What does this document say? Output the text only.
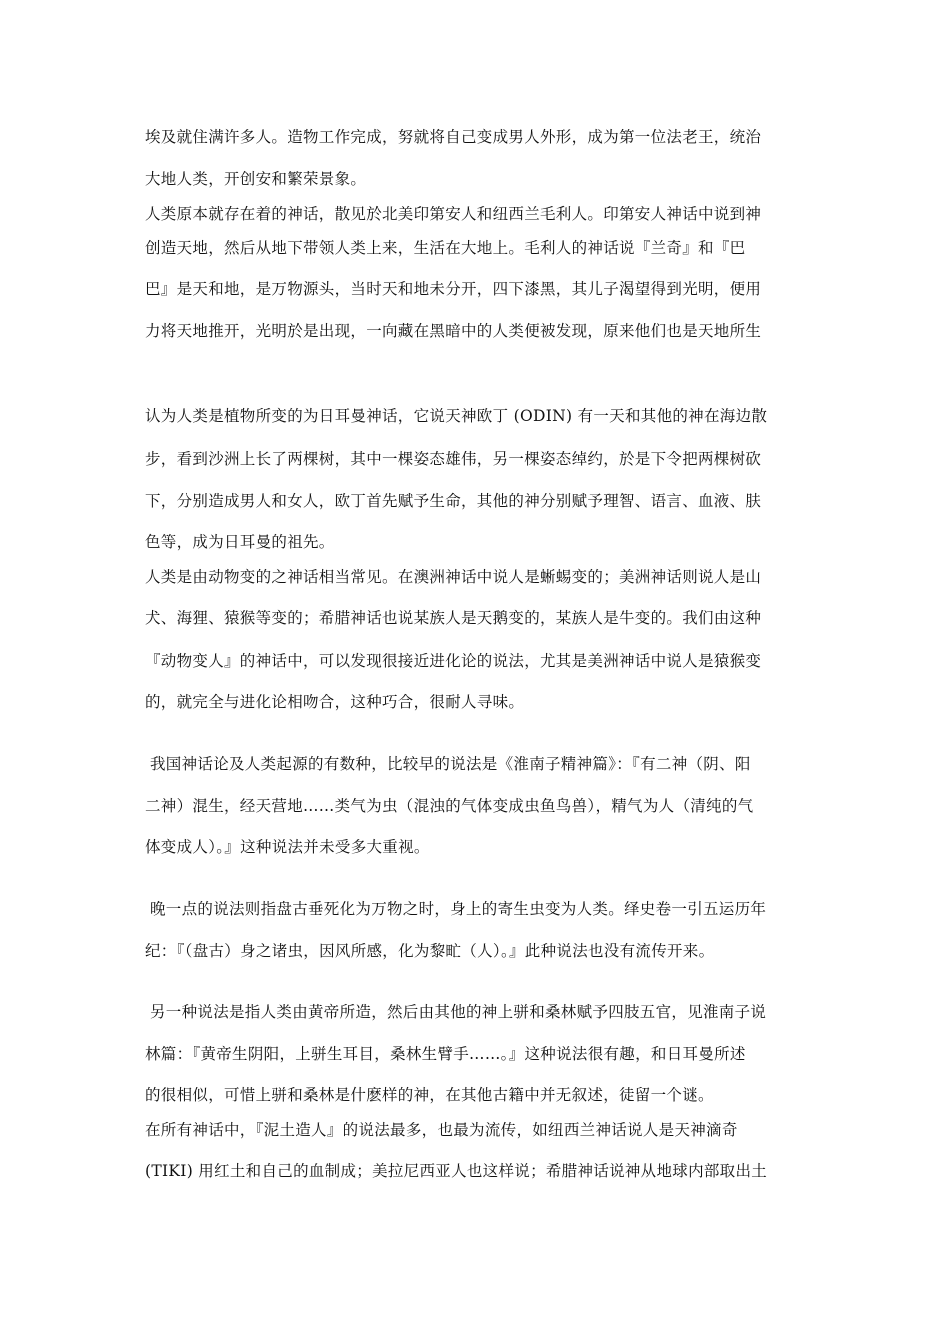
埃及就住满许多人。造物工作完成，努就将自己变成男人外形，成为第一位法老王，统治
大地人类，开创安和繁荣景象。
人类原本就存在着的神话，散见於北美印第安人和纽西兰毛利人。印第安人神话中说到神
创造天地，然后从地下带领人类上来，生活在大地上。毛利人的神话说『兰奇』和『巴
巴』是天和地，是万物源头，当时天和地未分开，四下漆黑，其儿子渴望得到光明，便用
力将天地推开，光明於是出现，一向藏在黑暗中的人类便被发现，原来他们也是天地所生
认为人类是植物所变的为日耳曼神话，它说天神欧丁 (ODIN) 有一天和其他的神在海边散
步，看到沙洲上长了两棵树，其中一棵姿态雄伟，另一棵姿态绰约，於是下令把两棵树砍
下，分别造成男人和女人，欧丁首先赋予生命，其他的神分别赋予理智、语言、血液、肤
色等，成为日耳曼的祖先。
人类是由动物变的之神话相当常见。在澳洲神话中说人是蜥蜴变的；美洲神话则说人是山
犬、海狸、猿猴等变的；希腊神话也说某族人是天鹅变的，某族人是牛变的。我们由这种
『动物变人』的神话中，可以发现很接近进化论的说法，尤其是美洲神话中说人是猿猴变
的，就完全与进化论相吻合，这种巧合，很耐人寻味。
我国神话论及人类起源的有数种，比较早的说法是《淮南子精神篇》：『有二神（阴、阳
二神）混生，经天营地……类气为虫（混浊的气体变成虫鱼鸟兽），精气为人（清纯的气
体变成人）。』这种说法并未受多大重视。
晚一点的说法则指盘古垂死化为万物之时，身上的寄生虫变为人类。绎史卷一引五运历年
纪：『（盘古）身之诸虫，因风所感，化为黎甿（人）。』此种说法也没有流传开来。
另一种说法是指人类由黄帝所造，然后由其他的神上骈和桑林赋予四肢五官，见淮南子说
林篇：『黄帝生阴阳，上骈生耳目，桑林生臂手……。』这种说法很有趣，和日耳曼所述
的很相似，可惜上骈和桑林是什麽样的神，在其他古籍中并无叙述，徒留一个谜。
在所有神话中，『泥土造人』的说法最多，也最为流传，如纽西兰神话说人是天神滴奇
(TIKI) 用红土和自己的血制成；美拉尼西亚人也这样说；希腊神话说神从地球内部取出土
